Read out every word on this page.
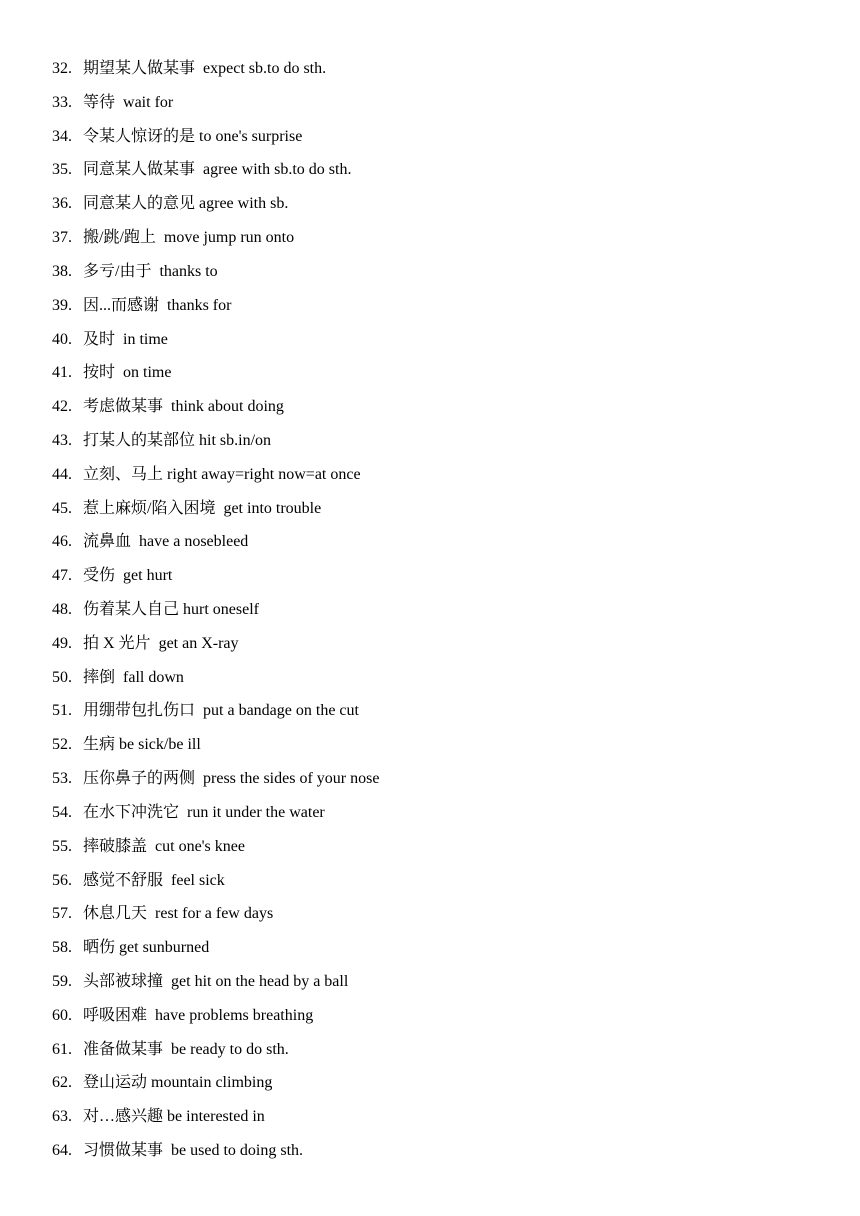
32. 期望某人做某事 expect sb.to do sth.
33. 等待 wait for
34. 令某人惊讶的是 to one's surprise
35. 同意某人做某事 agree with sb.to do sth.
36. 同意某人的意见 agree with sb.
37. 搬/跳/跑上 move jump run onto
38. 多亏/由于 thanks to
39. 因...而感谢 thanks for
40. 及时 in time
41. 按时 on time
42. 考虑做某事 think about doing
43. 打某人的某部位 hit sb.in/on
44. 立刻、马上 right away=right now=at once
45. 惹上麻烦/陷入困境 get into trouble
46. 流鼻血 have a nosebleed
47. 受伤 get hurt
48. 伤着某人自己 hurt oneself
49. 拍 X 光片 get an X-ray
50. 摔倒 fall down
51. 用绷带包扎伤口 put a bandage on the cut
52. 生病 be sick/be ill
53. 压你鼻子的两侧 press the sides of your nose
54. 在水下冲洗它 run it under the water
55. 摔破膝盖 cut one's knee
56. 感觉不舒服 feel sick
57. 休息几天 rest for a few days
58. 晒伤 get sunburned
59. 头部被球撞 get hit on the head by a ball
60. 呼吸困难 have problems breathing
61. 准备做某事 be ready to do sth.
62. 登山运动 mountain climbing
63. 对…感兴趣 be interested in
64. 习惯做某事 be used to doing sth.
